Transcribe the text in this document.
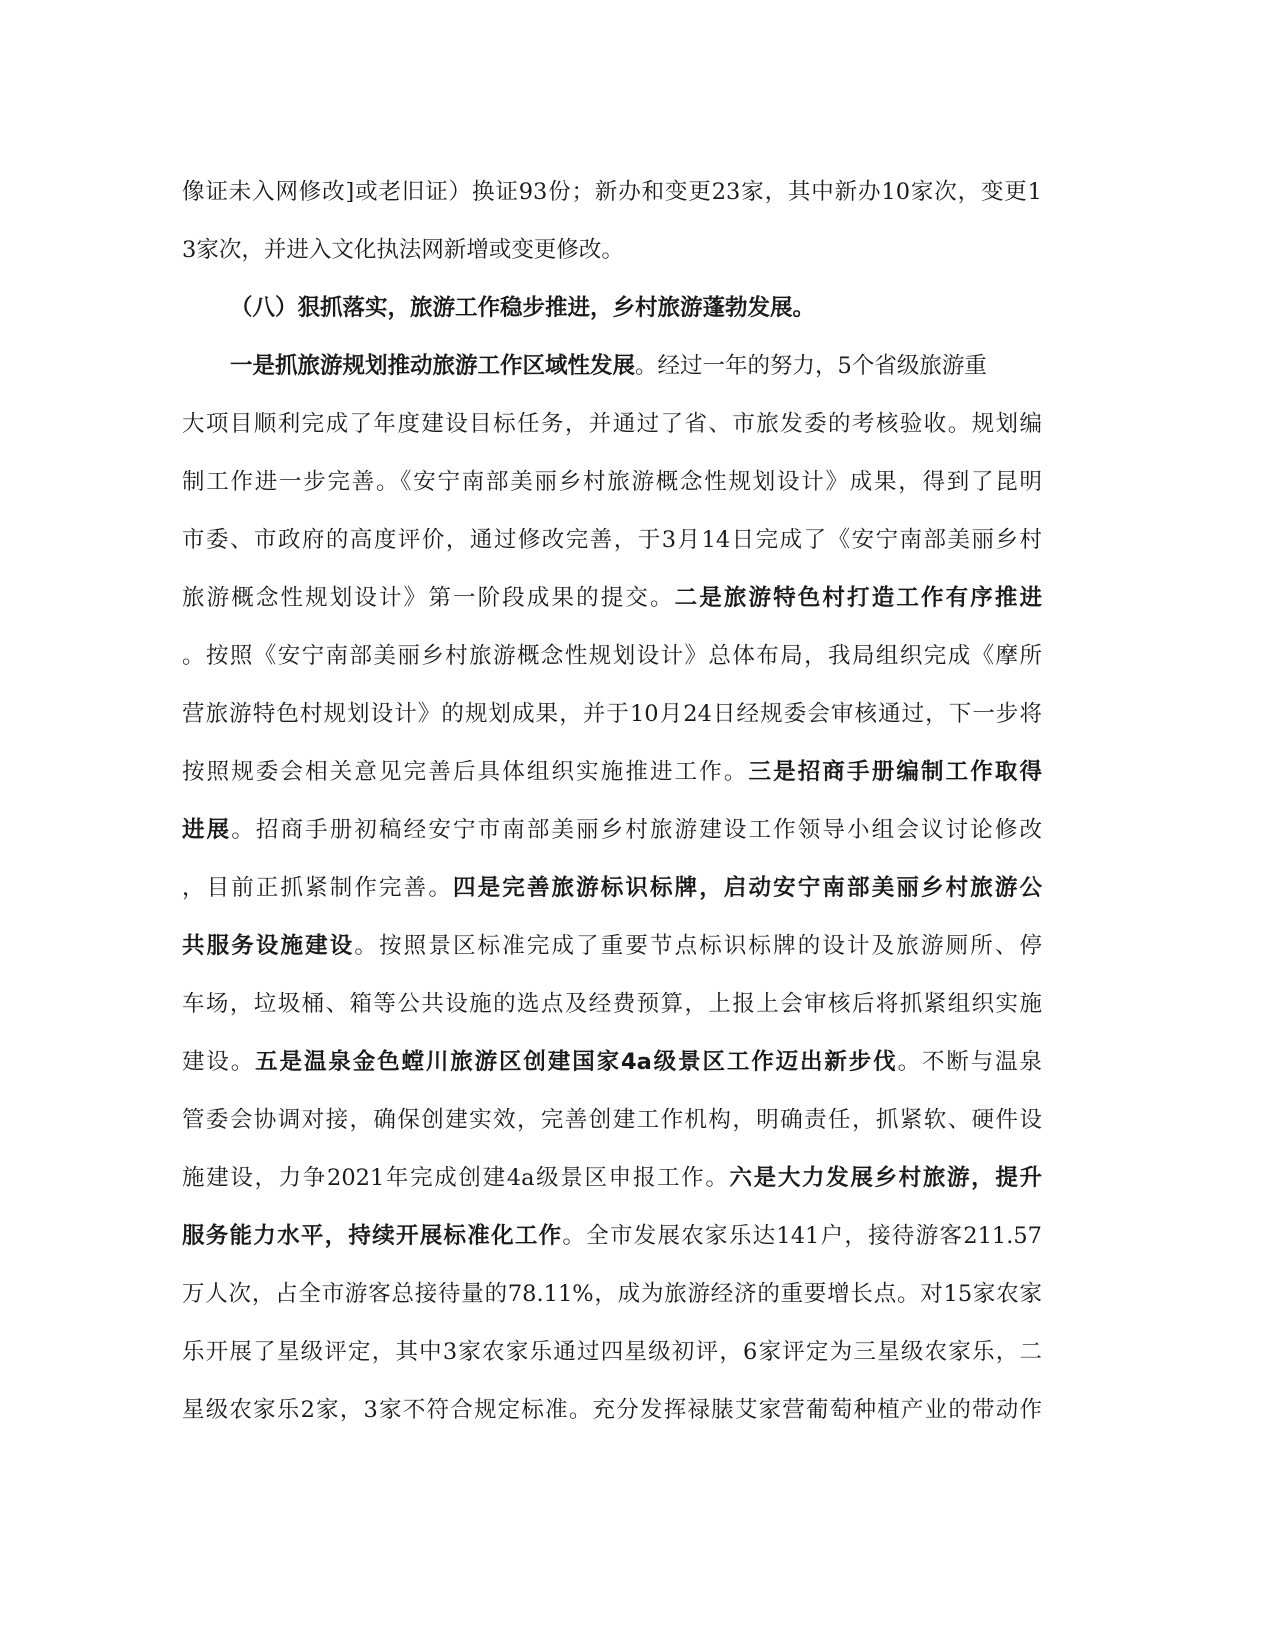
像证未入网修改]或老旧证）换证93份；新办和变更23家，其中新办10家次，变更1
3家次，并进入文化执法网新增或变更修改。
（八）狠抓落实，旅游工作稳步推进，乡村旅游蓬勃发展。
一是抓旅游规划推动旅游工作区域性发展。经过一年的努力，5个省级旅游重
大项目顺利完成了年度建设目标任务，并通过了省、市旅发委的考核验收。规划编
制工作进一步完善。《安宁南部美丽乡村旅游概念性规划设计》成果，得到了昆明
市委、市政府的高度评价，通过修改完善，于3月14日完成了《安宁南部美丽乡村
旅游概念性规划设计》第一阶段成果的提交。二是旅游特色村打造工作有序推进
。按照《安宁南部美丽乡村旅游概念性规划设计》总体布局，我局组织完成《摩所
营旅游特色村规划设计》的规划成果，并于10月24日经规委会审核通过，下一步将
按照规委会相关意见完善后具体组织实施推进工作。三是招商手册编制工作取得
进展。招商手册初稿经安宁市南部美丽乡村旅游建设工作领导小组会议讨论修改
，目前正抓紧制作完善。四是完善旅游标识标牌，启动安宁南部美丽乡村旅游公
共服务设施建设。按照景区标准完成了重要节点标识标牌的设计及旅游厕所、停
车场，垃圾桶、箱等公共设施的选点及经费预算，上报上会审核后将抓紧组织实施
建设。五是温泉金色螳川旅游区创建国家4a级景区工作迈出新步伐。不断与温泉
管委会协调对接，确保创建实效，完善创建工作机构，明确责任，抓紧软、硬件设
施建设，力争2021年完成创建4a级景区申报工作。六是大力发展乡村旅游，提升
服务能力水平，持续开展标准化工作。全市发展农家乐达141户，接待游客211.57
万人次，占全市游客总接待量的78.11%，成为旅游经济的重要增长点。对15家农家
乐开展了星级评定，其中3家农家乐通过四星级初评，6家评定为三星级农家乐，二
星级农家乐2家，3家不符合规定标准。充分发挥禄脿艾家营葡萄种植产业的带动作
